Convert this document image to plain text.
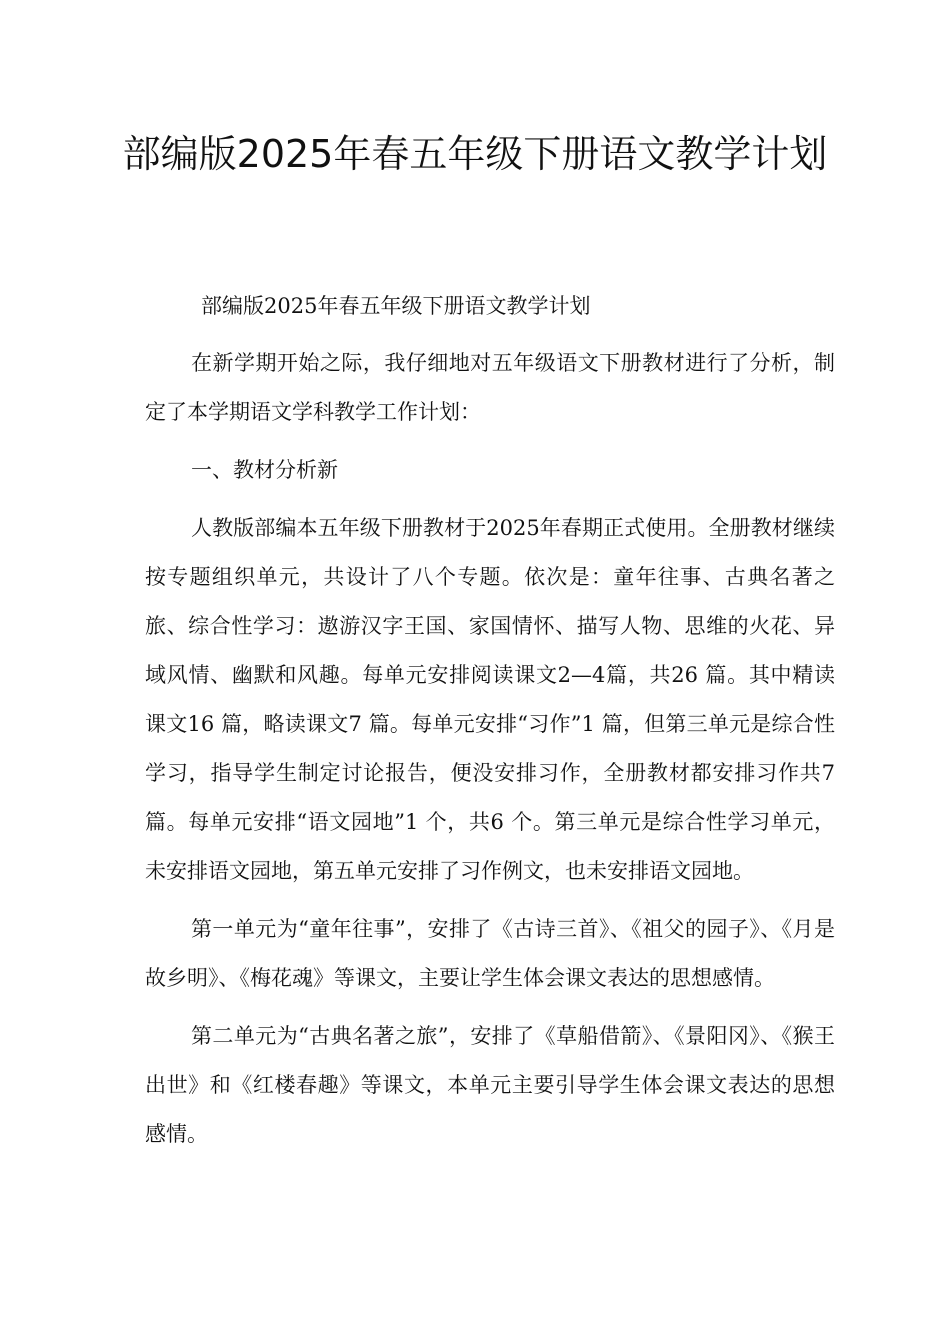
部编版2025年春五年级下册语文教学计划

部编版2025年春五年级下册语文教学计划

在新学期开始之际，我仔细地对五年级语文下册教材进行了分析，制定了本学期语文学科教学工作计划：

一、教材分析新

人教版部编本五年级下册教材于2025年春期正式使用。全册教材继续按专题组织单元，共设计了八个专题。依次是：童年往事、古典名著之旅、综合性学习：遨游汉字王国、家国情怀、描写人物、思维的火花、异域风情、幽默和风趣。每单元安排阅读课文2—4篇，共26 篇。其中精读课文16 篇，略读课文7 篇。每单元安排“习作”1 篇，但第三单元是综合性学习，指导学生制定讨论报告，便没安排习作，全册教材都安排习作共7 篇。每单元安排“语文园地”1 个，共6 个。第三单元是综合性学习单元，未安排语文园地，第五单元安排了习作例文，也未安排语文园地。

第一单元为“童年往事”，安排了《古诗三首》、《祖父的园子》、《月是故乡明》、《梅花魂》等课文，主要让学生体会课文表达的思想感情。

第二单元为“古典名著之旅”，安排了《草船借箭》、《景阳冈》、《猴王出世》和《红楼春趣》等课文，本单元主要引导学生体会课文表达的思想感情。
